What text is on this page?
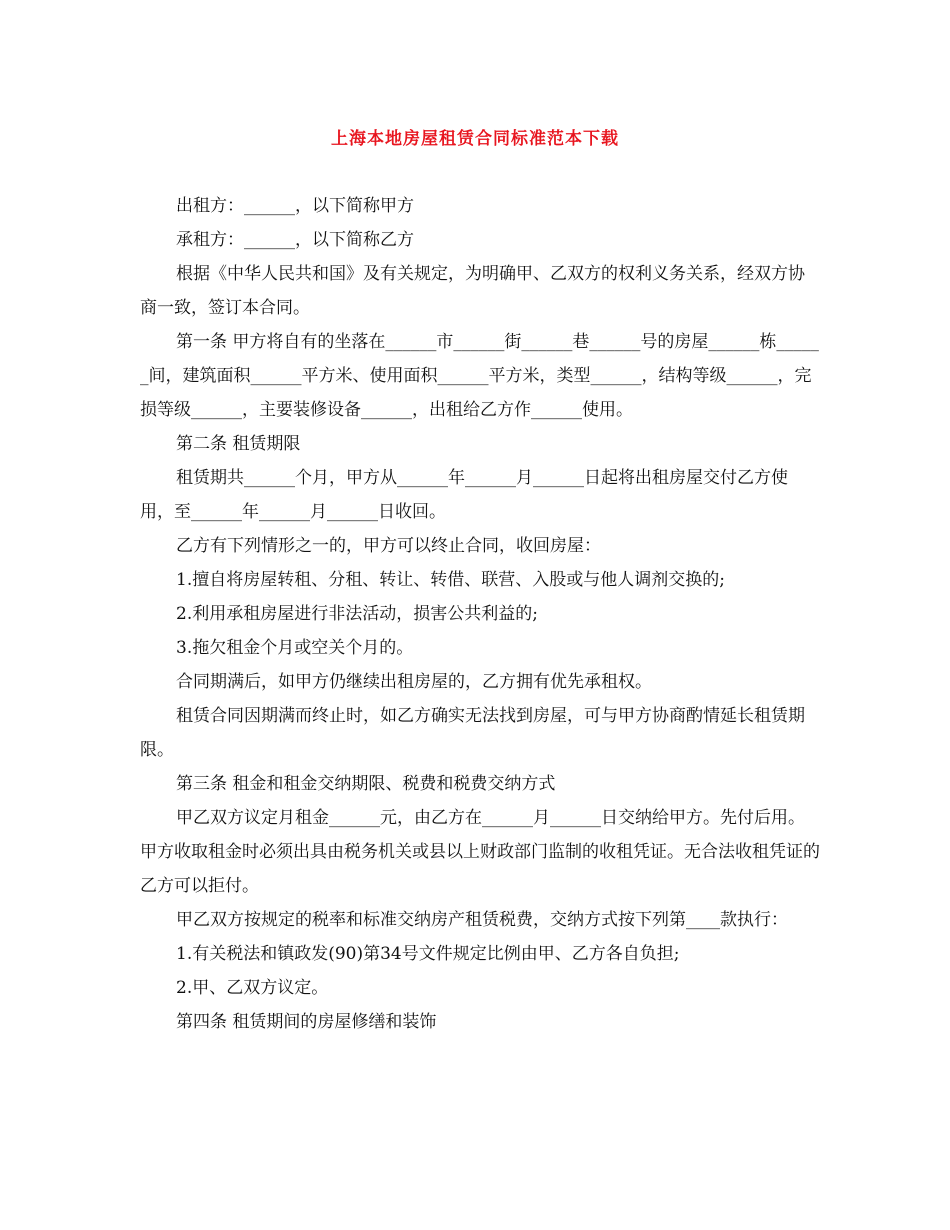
上海本地房屋租赁合同标准范本下载

出租方：______，以下简称甲方

承租方：______，以下简称乙方

根据《中华人民共和国》及有关规定，为明确甲、乙双方的权利义务关系，经双方协商一致，签订本合同。

第一条 甲方将自有的坐落在______市______街______巷______号的房屋______栋______间，建筑面积______平方米、使用面积______平方米，类型______，结构等级______，完损等级______，主要装修设备______，出租给乙方作______使用。

第二条 租赁期限

租赁期共______个月，甲方从______年______月______日起将出租房屋交付乙方使用，至______年______月______日收回。

乙方有下列情形之一的，甲方可以终止合同，收回房屋：

1.擅自将房屋转租、分租、转让、转借、联营、入股或与他人调剂交换的;

2.利用承租房屋进行非法活动，损害公共利益的;

3.拖欠租金个月或空关个月的。

合同期满后，如甲方仍继续出租房屋的，乙方拥有优先承租权。

租赁合同因期满而终止时，如乙方确实无法找到房屋，可与甲方协商酌情延长租赁期限。

第三条 租金和租金交纳期限、税费和税费交纳方式

甲乙双方议定月租金______元，由乙方在______月______日交纳给甲方。先付后用。甲方收取租金时必须出具由税务机关或县以上财政部门监制的收租凭证。无合法收租凭证的乙方可以拒付。

甲乙双方按规定的税率和标准交纳房产租赁税费，交纳方式按下列第____款执行：

1.有关税法和镇政发(90)第34号文件规定比例由甲、乙方各自负担;

2.甲、乙双方议定。

第四条 租赁期间的房屋修缮和装饰
